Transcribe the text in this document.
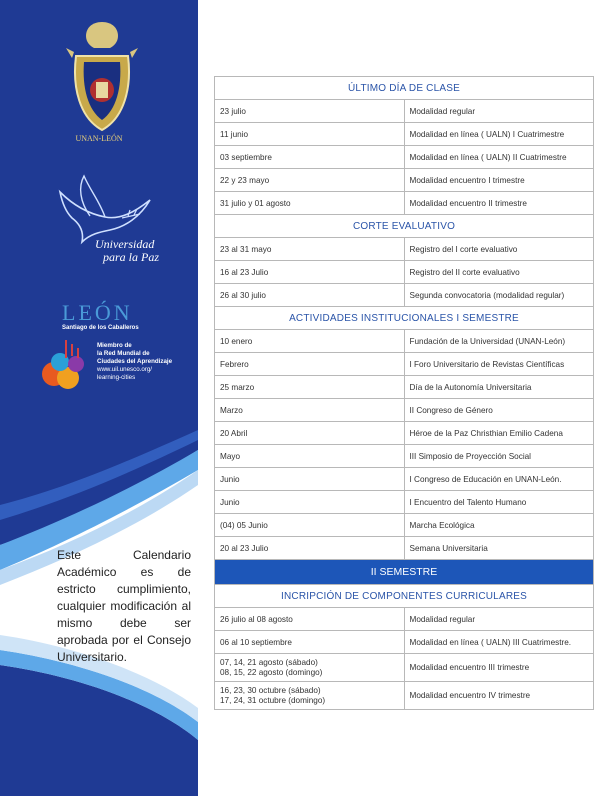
UNAN-LEÓN
Universidad
para la Paz
LEÓN
Santiago de los Caballeros
Miembro de
la Red Mundial de
Ciudades del Aprendizaje
www.uil.unesco.org/
learning-cities
Este Calendario Académico es de estricto cumplimiento, cualquier modificación al mismo debe ser aprobada por el Consejo Universitario.
ÚLTIMO DÍA DE CLASE	
23 julio	Modalidad regular
11 junio	Modalidad en línea ( UALN) I Cuatrimestre
03 septiembre	Modalidad en línea ( UALN) II Cuatrimestre
22 y 23 mayo	Modalidad encuentro I trimestre
31 julio y 01 agosto	Modalidad encuentro II trimestre
CORTE EVALUATIVO	
23 al 31 mayo	Registro del I corte evaluativo
16 al 23 Julio	Registro del II corte evaluativo
26 al 30 julio	Segunda convocatoria (modalidad regular)
ACTIVIDADES INSTITUCIONALES I SEMESTRE	
10 enero	Fundación de la Universidad (UNAN-León)
Febrero	I Foro Universitario de Revistas Científicas
25 marzo	Día de la Autonomía Universitaria
Marzo	II Congreso de Género
20 Abril	Héroe de la Paz Christhian Emilio Cadena
Mayo	III Simposio de Proyección Social
Junio	I Congreso de Educación en UNAN-León.
Junio	I Encuentro del Talento Humano
(04) 05 Junio	Marcha Ecológica
20 al 23 Julio	Semana Universitaria
II SEMESTRE	
INCRIPCIÓN DE COMPONENTES CURRICULARES	
26 julio al 08 agosto	Modalidad regular
06 al 10 septiembre	Modalidad en línea ( UALN) III Cuatrimestre.

07, 14, 21 agosto (sábado)
08, 15, 22 agosto (domingo)	Modalidad encuentro III trimestre

16, 23, 30 octubre (sábado)
17, 24, 31 octubre (domingo)	Modalidad encuentro IV trimestre
